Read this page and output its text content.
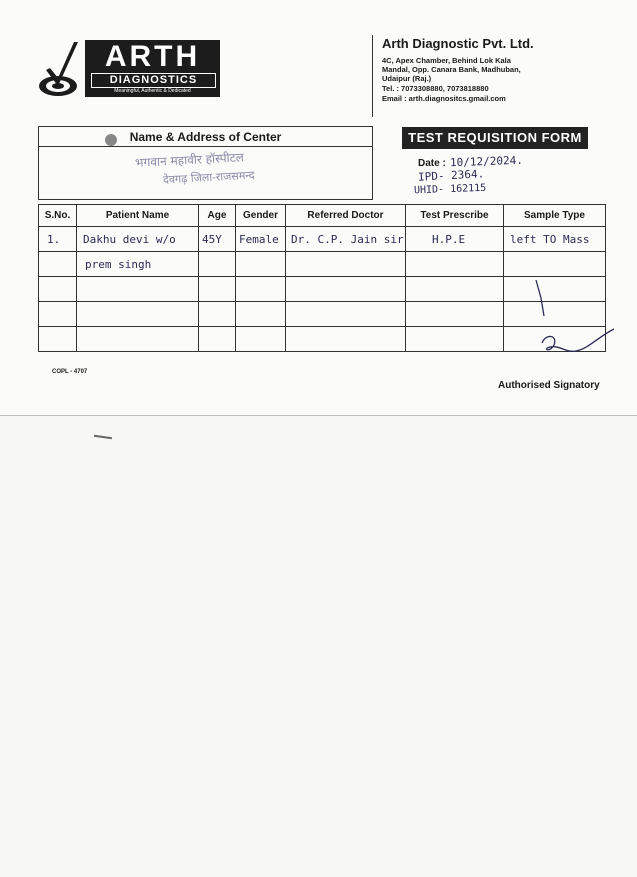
ARTH
DIAGNOSTICS
Meaningful, Authentic & Dedicated
Arth Diagnostic Pvt. Ltd.
4C, Apex Chamber, Behind Lok Kala
Mandal, Opp. Canara Bank, Madhuban,
Udaipur (Raj.)
Tel. : 7073308880, 7073818880
Email : arth.diagnositcs.gmail.com
Name & Address of Center
भगवान महावीर हॉस्पीटल
देवगढ़ जिला-राजसमन्द
TEST REQUISITION FORM
Date : 10/12/2024.
IPD- 2364.
UHID- 162115
S.No.	Patient Name	Age	Gender	Referred Doctor	Test Prescribe	Sample Type
1.	Dakhu devi w/o	45Y	Female	Dr. C.P. Jain sir	H.P.E	left TO Mass
	prem singh					

COPL - 4707
Authorised Signatory
